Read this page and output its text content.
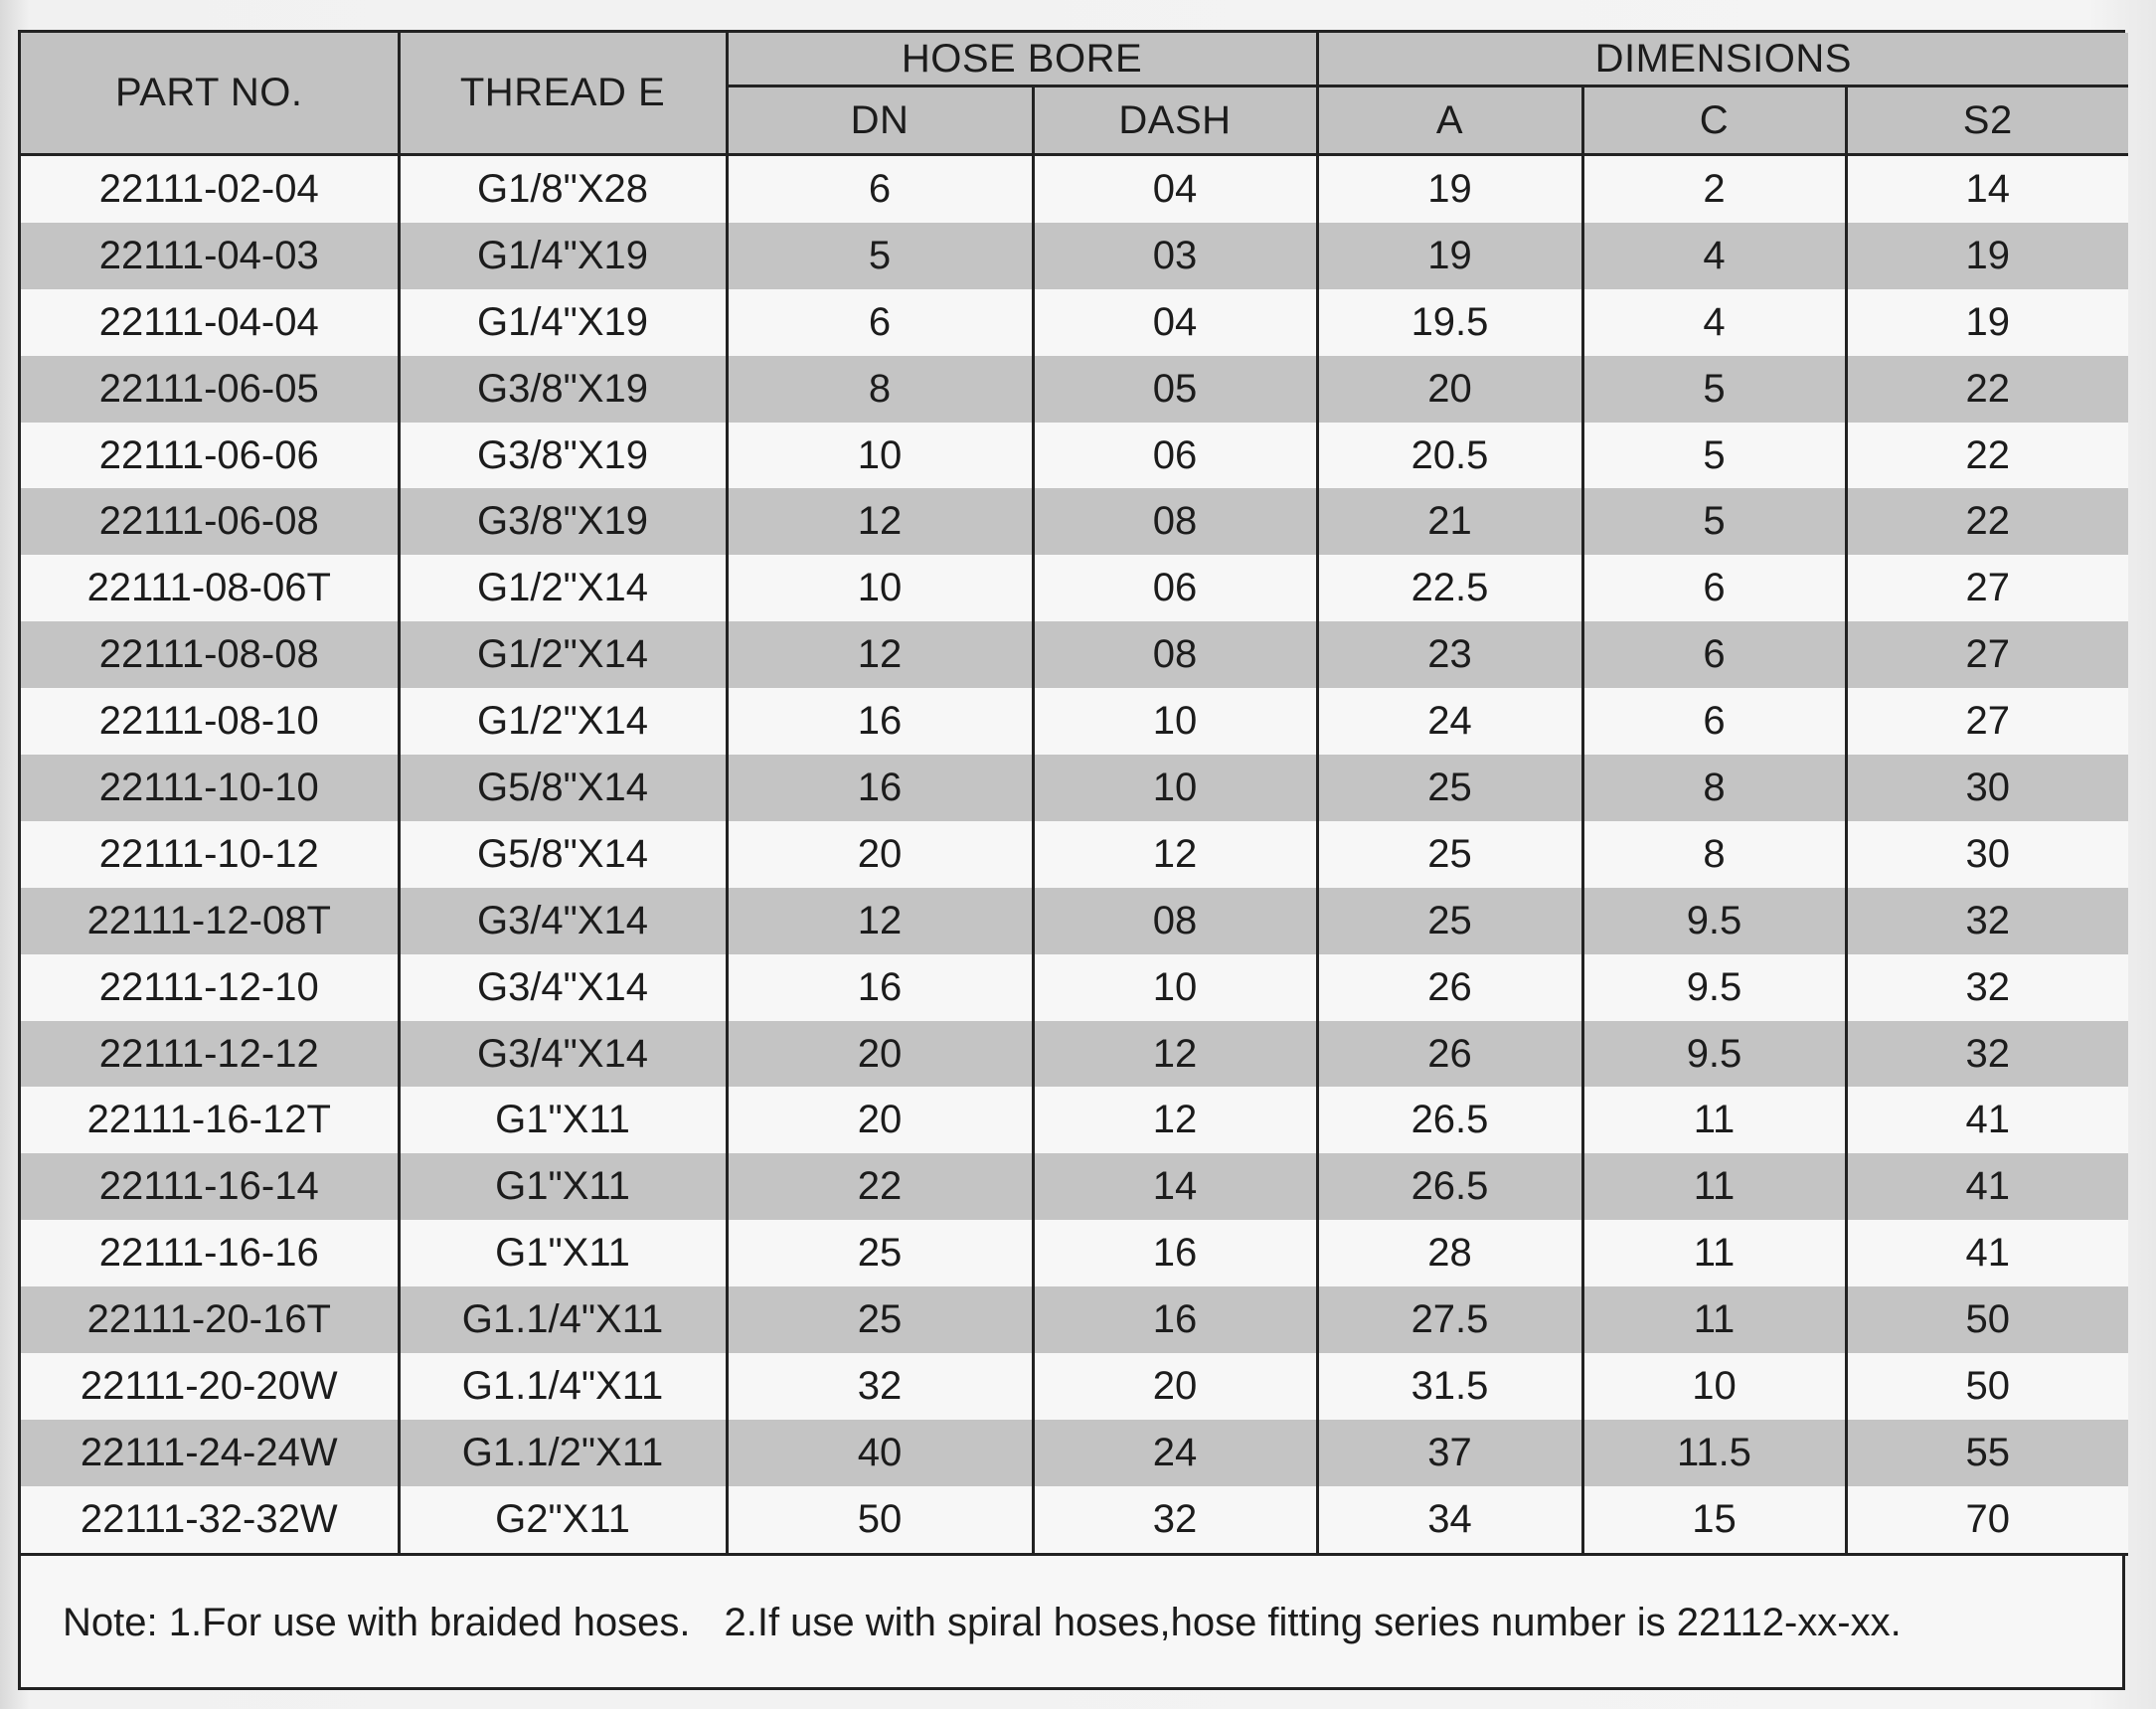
PART NO.	THREAD E	HOSE BORE		DIMENSIONS		
		DN	DASH	A	C	S2
22111-02-04	G1/8"X28	6	04	19	2	14
22111-04-03	G1/4"X19	5	03	19	4	19
22111-04-04	G1/4"X19	6	04	19.5	4	19
22111-06-05	G3/8"X19	8	05	20	5	22
22111-06-06	G3/8"X19	10	06	20.5	5	22
22111-06-08	G3/8"X19	12	08	21	5	22
22111-08-06T	G1/2"X14	10	06	22.5	6	27
22111-08-08	G1/2"X14	12	08	23	6	27
22111-08-10	G1/2"X14	16	10	24	6	27
22111-10-10	G5/8"X14	16	10	25	8	30
22111-10-12	G5/8"X14	20	12	25	8	30
22111-12-08T	G3/4"X14	12	08	25	9.5	32
22111-12-10	G3/4"X14	16	10	26	9.5	32
22111-12-12	G3/4"X14	20	12	26	9.5	32
22111-16-12T	G1"X11	20	12	26.5	11	41
22111-16-14	G1"X11	22	14	26.5	11	41
22111-16-16	G1"X11	25	16	28	11	41
22111-20-16T	G1.1/4"X11	25	16	27.5	11	50
22111-20-20W	G1.1/4"X11	32	20	31.5	10	50
22111-24-24W	G1.1/2"X11	40	24	37	11.5	55
22111-32-32W	G2"X11	50	32	34	15	70
Note:
1.For use with braided hoses. 2.If use with spiral hoses,hose fitting series number is 22112-xx-xx.
